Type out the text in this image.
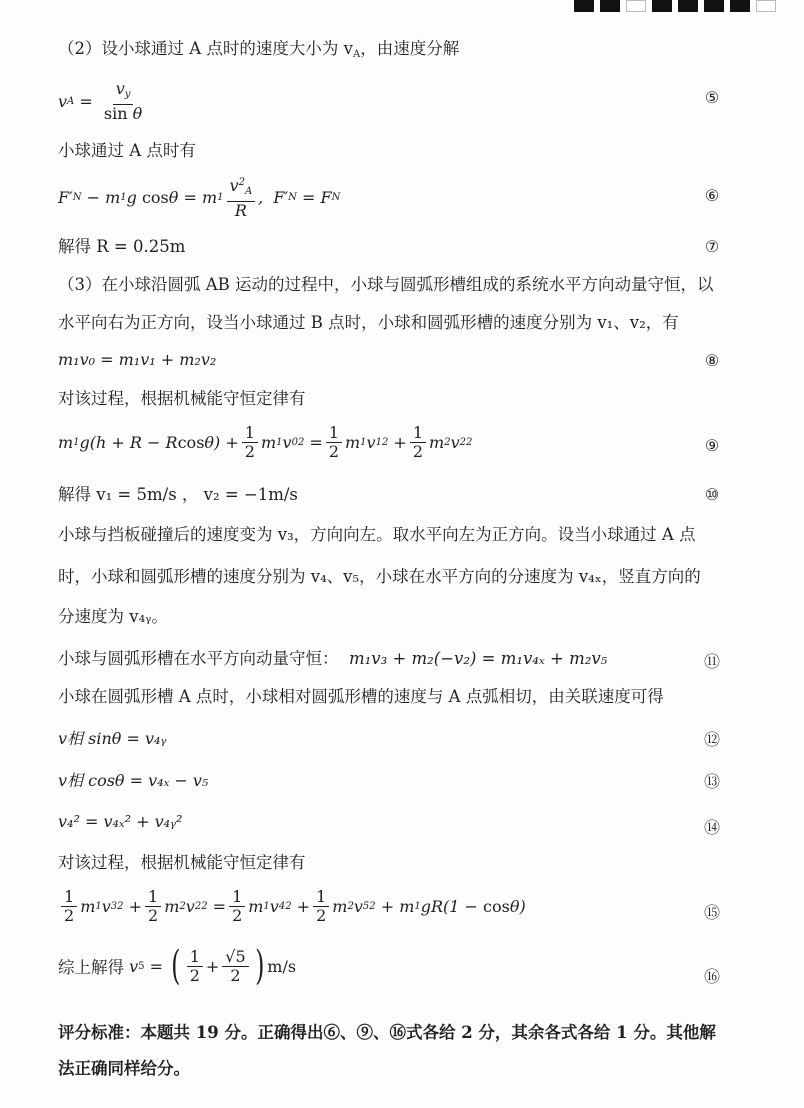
（2）设小球通过 A 点时的速度大小为 $v_A$，由速度分解
v $A = \frac{v_y}{\text{sin θ}}$	⑤
小球通过 A 点时有
F′ N − m 1 g cos θ = m $1 \frac{v^2_A}{R}$ ,  F′ N = F N	⑥
解得 R = 0.25m	⑦
（3）在小球沿圆弧 AB 运动的过程中，小球与圆弧形槽组成的系统水平方向动量守恒，以
水平向右为正方向，设当小球通过 B 点时，小球和圆弧形槽的速度分别为 v₁、v₂，有
m₁v₀ = m₁v₁ + m₂v₂	⑧
对该过程，根据机械能守恒定律有
m 1 g(h + R − R $\cos \theta) + \frac{1}{2}$ m 1 v 0 $2 = \frac{1}{2}$ m 1 v 1 $2 + \frac{1}{2}$ m 2 v 2 2	⑨
解得 v₁ = 5m/s ， v₂ = −1m/s	⑩
小球与挡板碰撞后的速度变为 v₃，方向向左。取水平向左为正方向。设当小球通过 A 点
时，小球和圆弧形槽的速度分别为 v₄、v₅，小球在水平方向的分速度为 v₄ₓ，竖直方向的
分速度为 v₄ᵧ。
小球与圆弧形槽在水平方向动量守恒： m₁v₃ + m₂(−v₂) = m₁v₄ₓ + m₂v₅	⑪
小球在圆弧形槽 A 点时，小球相对圆弧形槽的速度与 A 点弧相切，由关联速度可得
v相 sinθ = v₄ᵧ	⑫
v相 cosθ = v₄ₓ − v₅	⑬
v₄² = v₄ₓ² + v₄ᵧ²	⑭
对该过程，根据机械能守恒定律有
$\frac{1}{2}$ m 1 v 3 $2 + \frac{1}{2}$ m 2 v 2 $2 = \frac{1}{2}$ m 1 v 4 $2 + \frac{1}{2}$ m 2 v 5 2 + m 1 gR(1 − cos θ)	⑮
综上解得
v 5 = ( $\frac{1}{2} + \frac{√5}{2}$ ) m/s
⑯
评分标准：本题共 19 分。正确得出⑥、⑨、⑯式各给 2 分，其余各式各给 1 分。其他解
法正确同样给分。
